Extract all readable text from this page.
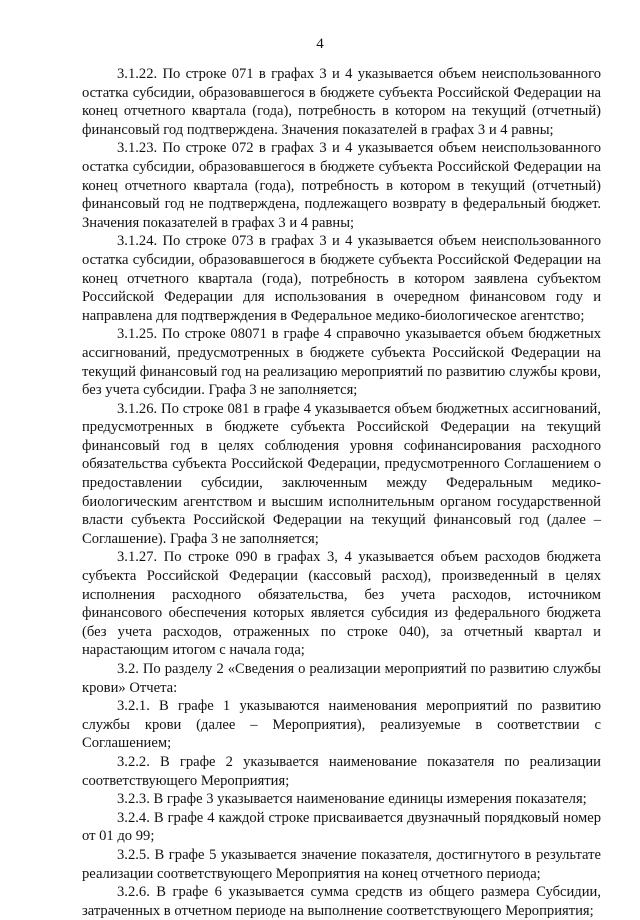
4

3.1.22. По строке 071 в графах 3 и 4 указывается объем неиспользованного остатка субсидии, образовавшегося в бюджете субъекта Российской Федерации на конец отчетного квартала (года), потребность в котором на текущий (отчетный) финансовый год подтверждена. Значения показателей в графах 3 и 4 равны;

3.1.23. По строке 072 в графах 3 и 4 указывается объем неиспользованного остатка субсидии, образовавшегося в бюджете субъекта Российской Федерации на конец отчетного квартала (года), потребность в котором в текущий (отчетный) финансовый год не подтверждена, подлежащего возврату в федеральный бюджет. Значения показателей в графах 3 и 4 равны;

3.1.24. По строке 073 в графах 3 и 4 указывается объем неиспользованного остатка субсидии, образовавшегося в бюджете субъекта Российской Федерации на конец отчетного квартала (года), потребность в котором заявлена субъектом Российской Федерации для использования в очередном финансовом году и направлена для подтверждения в Федеральное медико-биологическое агентство;

3.1.25. По строке 08071 в графе 4 справочно указывается объем бюджетных ассигнований, предусмотренных в бюджете субъекта Российской Федерации на текущий финансовый год на реализацию мероприятий по развитию службы крови, без учета субсидии. Графа 3 не заполняется;

3.1.26. По строке 081 в графе 4 указывается объем бюджетных ассигнований, предусмотренных в бюджете субъекта Российской Федерации на текущий финансовый год в целях соблюдения уровня софинансирования расходного обязательства субъекта Российской Федерации, предусмотренного Соглашением о предоставлении субсидии, заключенным между Федеральным медико-биологическим агентством и высшим исполнительным органом государственной власти субъекта Российской Федерации на текущий финансовый год (далее – Соглашение). Графа 3 не заполняется;

3.1.27. По строке 090 в графах 3, 4 указывается объем расходов бюджета субъекта Российской Федерации (кассовый расход), произведенный в целях исполнения расходного обязательства, без учета расходов, источником финансового обеспечения которых является субсидия из федерального бюджета (без учета расходов, отраженных по строке 040), за отчетный квартал и нарастающим итогом с начала года;

3.2. По разделу 2 «Сведения о реализации мероприятий по развитию службы крови» Отчета:

3.2.1. В графе 1 указываются наименования мероприятий по развитию службы крови (далее – Мероприятия), реализуемые в соответствии с Соглашением;

3.2.2. В графе 2 указывается наименование показателя по реализации соответствующего Мероприятия;

3.2.3. В графе 3 указывается наименование единицы измерения показателя;

3.2.4. В графе 4 каждой строке присваивается двузначный порядковый номер от 01 до 99;

3.2.5. В графе 5 указывается значение показателя, достигнутого в результате реализации соответствующего Мероприятия на конец отчетного периода;

3.2.6. В графе 6 указывается сумма средств из общего размера Субсидии, затраченных в отчетном периоде на выполнение соответствующего Мероприятия;
